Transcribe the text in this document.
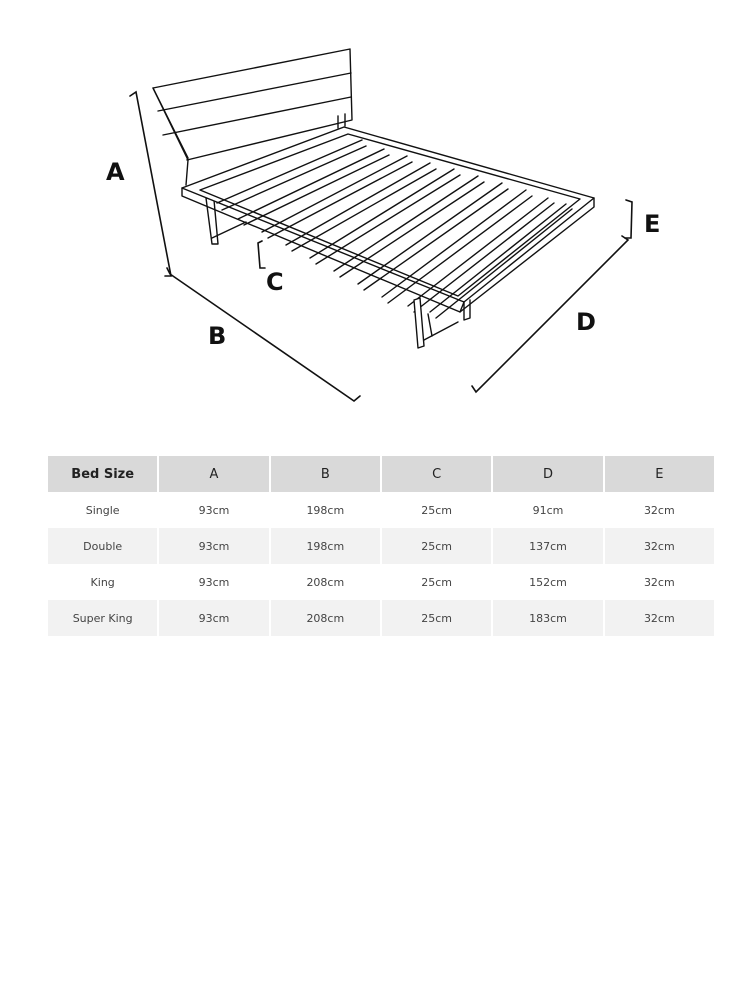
A
B
C
D
E
Bed Size	A	B	C	D	E
Single	93cm	198cm	25cm	91cm	32cm
Double	93cm	198cm	25cm	137cm	32cm
King	93cm	208cm	25cm	152cm	32cm
Super King	93cm	208cm	25cm	183cm	32cm
